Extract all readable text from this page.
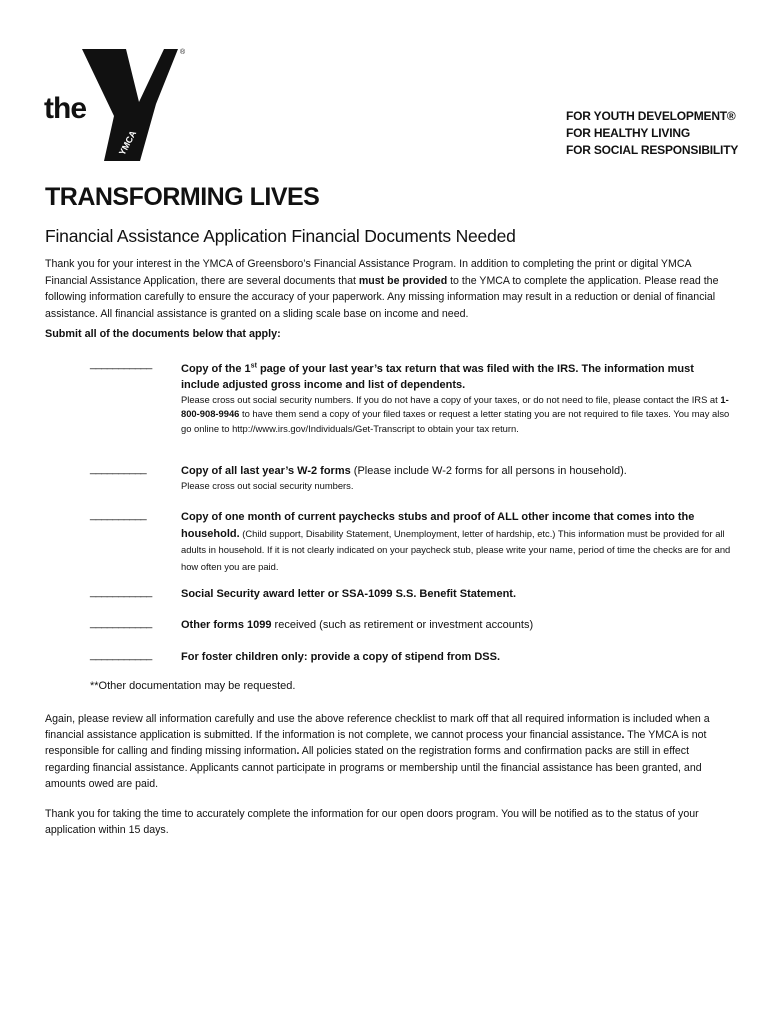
the
YMCA
®
FOR YOUTH DEVELOPMENT®
FOR HEALTHY LIVING
FOR SOCIAL RESPONSIBILITY
TRANSFORMING LIVES
Financial Assistance Application Financial Documents Needed
Thank you for your interest in the YMCA of Greensboro’s Financial Assistance Program. In addition to completing the print or digital YMCA Financial Assistance Application, there are several documents that must be provided to the YMCA to complete the application. Please read the following information carefully to ensure the accuracy of your paperwork. Any missing information may result in a reduction or denial of financial assistance. All financial assistance is granted on a sliding scale base on income and need.
Submit all of the documents below that apply:
___________	Copy of the 1st page of your last year’s tax return that was filed with the IRS. The information must include adjusted gross income and list of dependents.
Please cross out social security numbers. If you do not have a copy of your taxes, or do not need to file, please contact the IRS at 1-800-908-9946 to have them send a copy of your filed taxes or request a letter stating you are not required to file taxes. You may also go online to http://www.irs.gov/Individuals/Get-Transcript to obtain your tax return.
__________	Copy of all last year’s W-2 forms (Please include W-2 forms for all persons in household).
Please cross out social security numbers.
__________	Copy of one month of current paychecks stubs and proof of ALL other income that comes into the household. (Child support, Disability Statement, Unemployment, letter of hardship, etc.) This information must be provided for all adults in household. If it is not clearly indicated on your paycheck stub, please write your name, period of time the checks are for and how often you are paid.
___________	Social Security award letter or SSA-1099 S.S. Benefit Statement.
___________	Other forms 1099 received (such as retirement or investment accounts)
___________	For foster children only: provide a copy of stipend from DSS.
**Other documentation may be requested.
Again, please review all information carefully and use the above reference checklist to mark off that all required information is included when a financial assistance application is submitted. If the information is not complete, we cannot process your financial assistance. The YMCA is not responsible for calling and finding missing information. All policies stated on the registration forms and confirmation packs are still in effect regarding financial assistance. Applicants cannot participate in programs or membership until the financial assistance has been granted, and amounts owed are paid.
Thank you for taking the time to accurately complete the information for our open doors program. You will be notified as to the status of your application within 15 days.
